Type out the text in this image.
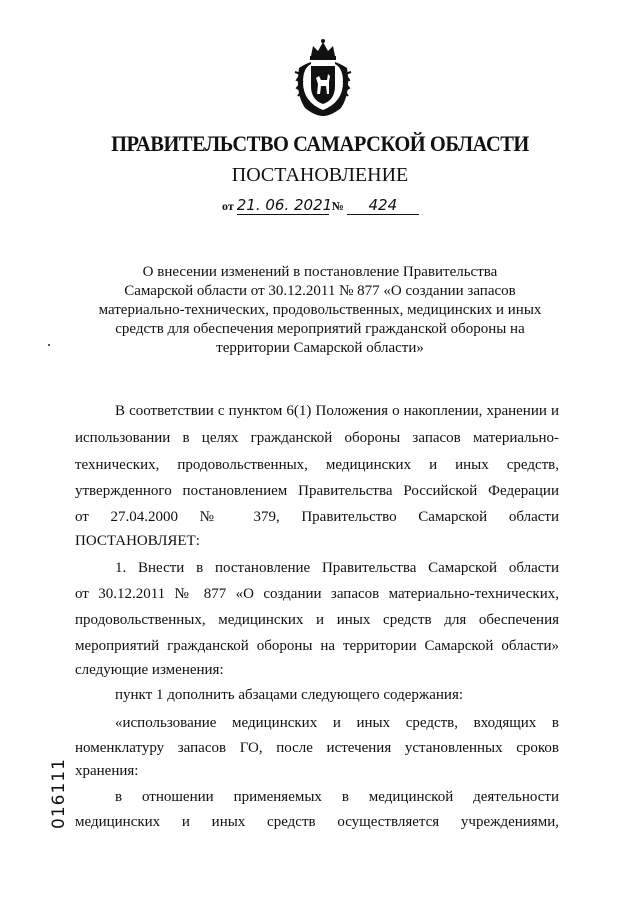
ПРАВИТЕЛЬСТВО САМАРСКОЙ ОБЛАСТИ
ПОСТАНОВЛЕНИЕ
от 21. 06. 2021 № 424
О внесении изменений в постановление Правительства
Самарской области от 30.12.2011 № 877 «О создании запасов
материально-технических, продовольственных, медицинских и иных
средств для обеспечения мероприятий гражданской обороны на
территории Самарской области»
В соответствии с пунктом 6(1) Положения о накоплении, хранении и
использовании в целях гражданской обороны запасов материально-
технических, продовольственных, медицинских и иных средств,
утвержденного постановлением Правительства Российской Федерации
от 27.04.2000 № 379, Правительство Самарской области
ПОСТАНОВЛЯЕТ:
1. Внести в постановление Правительства Самарской области
от 30.12.2011 № 877 «О создании запасов материально-технических,
продовольственных, медицинских и иных средств для обеспечения
мероприятий гражданской обороны на территории Самарской области»
следующие изменения:
пункт 1 дополнить абзацами следующего содержания:
«использование медицинских и иных средств, входящих в
номенклатуру запасов ГО, после истечения установленных сроков
хранения:
в отношении применяемых в медицинской деятельности
медицинских и иных средств осуществляется учреждениями,
016111
